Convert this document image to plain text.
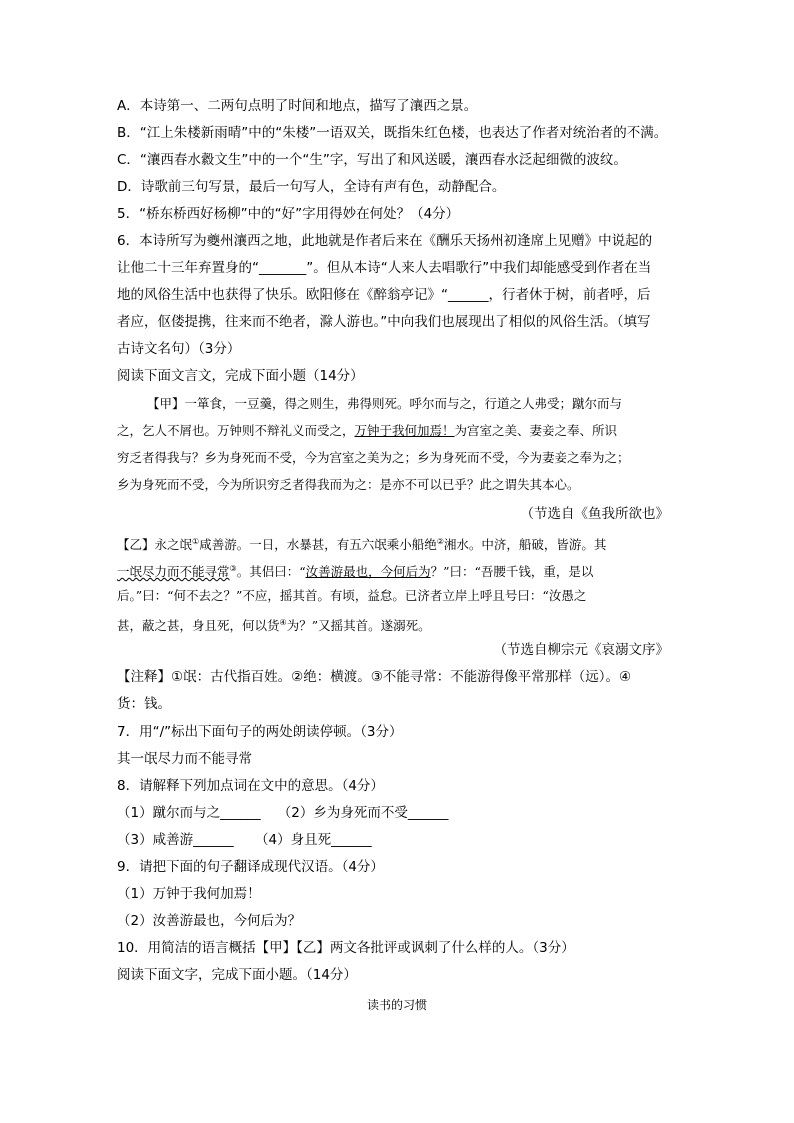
A．本诗第一、二两句点明了时间和地点，描写了瀼西之景。
B．“江上朱楼新雨晴”中的“朱楼”一语双关，既指朱红色楼，也表达了作者对统治者的不满。
C．“瀼西春水縠文生”中的一个“生”字，写出了和风送暖，瀼西春水泛起细微的波纹。
D．诗歌前三句写景，最后一句写人，全诗有声有色，动静配合。
5．“桥东桥西好杨柳”中的“好”字用得妙在何处？（4分）
6．本诗所写为夔州瀼西之地，此地就是作者后来在《酬乐天扬州初逢席上见赠》中说起的
让他二十三年弃置身的“_______”。但从本诗“人来人去唱歌行”中我们却能感受到作者在当
地的风俗生活中也获得了快乐。欧阳修在《醉翁亭记》“______，行者休于树，前者呼，后
者应，伛偻提携，往来而不绝者，滁人游也。”中向我们也展现出了相似的风俗生活。（填写
古诗文名句）（3分）
阅读下面文言文，完成下面小题（14分）
【甲】一箪食，一豆羹，得之则生，弗得则死。呼尔而与之，行道之人弗受；蹴尔而与
之，乞人不屑也。万钟则不辩礼义而受之，万钟于我何加焉！为宫室之美、妻妾之奉、所识
穷乏者得我与？乡为身死而不受，今为宫室之美为之；乡为身死而不受，今为妻妾之奉为之；
乡为身死而不受，今为所识穷乏者得我而为之：是亦不可以已乎？此之谓失其本心。
（节选自《鱼我所欲也》
【乙】永之氓①咸善游。一日，水暴甚，有五六氓乘小船绝②湘水。中济，船破，皆游。其
一氓尽力而不能寻常③。其侣曰：“汝善游最也，今何后为？”曰：“吾腰千钱，重，是以
后。”曰：“何不去之？”不应，摇其首。有顷，益怠。已济者立岸上呼且号曰：“汝愚之
甚，蔽之甚，身且死，何以货④为？”又摇其首。遂溺死。
（节选自柳宗元《哀溺文序》
【注释】①氓：古代指百姓。②绝：横渡。③不能寻常：不能游得像平常那样（远）。④
货：钱。
7．用“/”标出下面句子的两处朗读停顿。（3分）
其一氓尽力而不能寻常
8．请解释下列加点词在文中的意思。（4分）
（1）蹴尔而与之______    （2）乡为身死而不受______
（3）咸善游______     （4）身且死______
9．请把下面的句子翻译成现代汉语。（4分）
（1）万钟于我何加焉！
（2）汝善游最也，今何后为？
10．用简洁的语言概括【甲】【乙】两文各批评或讽刺了什么样的人。（3分）
阅读下面文字，完成下面小题。（14分）
读书的习惯
